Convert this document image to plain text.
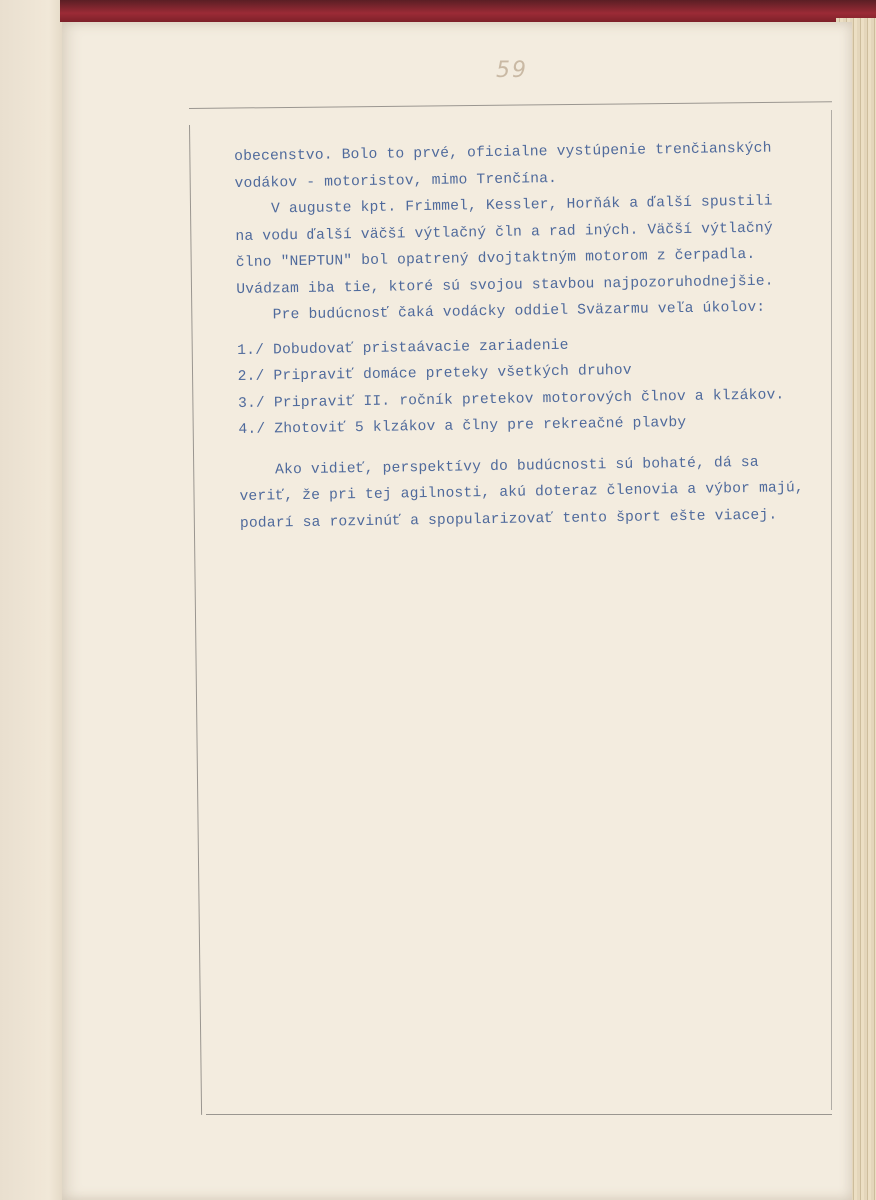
59
obecenstvo. Bolo to prvé, oficialne vystúpenie trenčianských
vodákov - motoristov, mimo Trenčína.
V auguste kpt. Frimmel, Kessler, Horňák a ďalší spustili
na vodu ďalší väčší výtlačný čln a rad iných. Väčší výtlačný
člno "NEPTUN" bol opatrený dvojtaktným motorom z čerpadla.
Uvádzam iba tie, ktoré sú svojou stavbou najpozoruhodnejšie.
Pre budúcnosť čaká vodácky oddiel Sväzarmu veľa úkolov:
1./ Dobudovať pristaávacie zariadenie
2./ Pripraviť domáce preteky všetkých druhov
3./ Pripraviť II. ročník pretekov motorových člnov a klzákov.
4./ Zhotoviť 5 klzákov a člny pre rekreačné plavby
Ako vidieť, perspektívy do budúcnosti sú bohaté, dá sa
veriť, že pri tej agilnosti, akú doteraz členovia a výbor majú,
podarí sa rozvinúť a spopularizovať tento šport ešte viacej.
